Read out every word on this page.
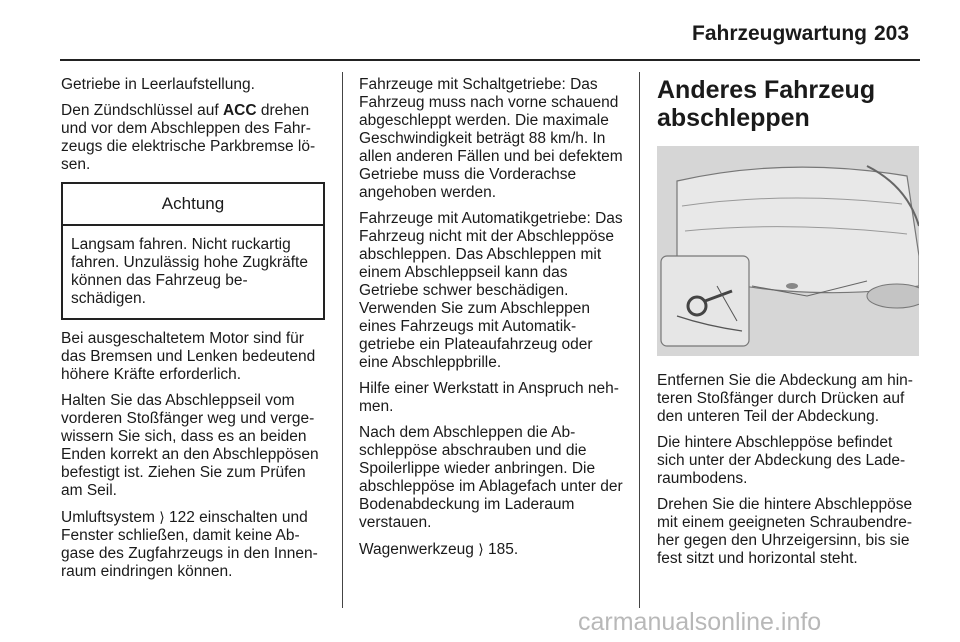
Fahrzeugwartung 203

Getriebe in Leerlaufstellung.

Den Zündschlüssel auf ACC drehen und vor dem Abschleppen des Fahrzeugs die elektrische Parkbremse lösen.

Achtung
Langsam fahren. Nicht ruckartig fahren. Unzulässig hohe Zugkräfte können das Fahrzeug beschädigen.

Bei ausgeschaltetem Motor sind für das Bremsen und Lenken bedeutend höhere Kräfte erforderlich.

Halten Sie das Abschleppseil vom vorderen Stoßfänger weg und vergewissern Sie sich, dass es an beiden Enden korrekt an den Abschleppösen befestigt ist. Ziehen Sie zum Prüfen am Seil.

Umluftsystem ⟩ 122 einschalten und Fenster schließen, damit keine Abgase des Zugfahrzeugs in den Innenraum eindringen können.

Fahrzeuge mit Schaltgetriebe: Das Fahrzeug muss nach vorne schauend abgeschleppt werden. Die maximale Geschwindigkeit beträgt 88 km/h. In allen anderen Fällen und bei defektem Getriebe muss die Vorderachse angehoben werden.

Fahrzeuge mit Automatikgetriebe: Das Fahrzeug nicht mit der Abschleppöse abschleppen. Das Abschleppen mit einem Abschleppseil kann das Getriebe schwer beschädigen. Verwenden Sie zum Abschleppen eines Fahrzeugs mit Automatikgetriebe ein Plateaufahrzeug oder eine Abschleppbrille.

Hilfe einer Werkstatt in Anspruch nehmen.

Nach dem Abschleppen die Abschleppöse abschrauben und die Spoilerlippe wieder anbringen. Die abschleppöse im Ablagefach unter der Bodenabdeckung im Laderaum verstauen.

Wagenwerkzeug ⟩ 185.

Anderes Fahrzeug abschleppen

Entfernen Sie die Abdeckung am hinteren Stoßfänger durch Drücken auf den unteren Teil der Abdeckung.

Die hintere Abschleppöse befindet sich unter der Abdeckung des Laderaumbodens.

Drehen Sie die hintere Abschleppöse mit einem geeigneten Schraubendreher gegen den Uhrzeigersinn, bis sie fest sitzt und horizontal steht.

carmanualsonline.info
